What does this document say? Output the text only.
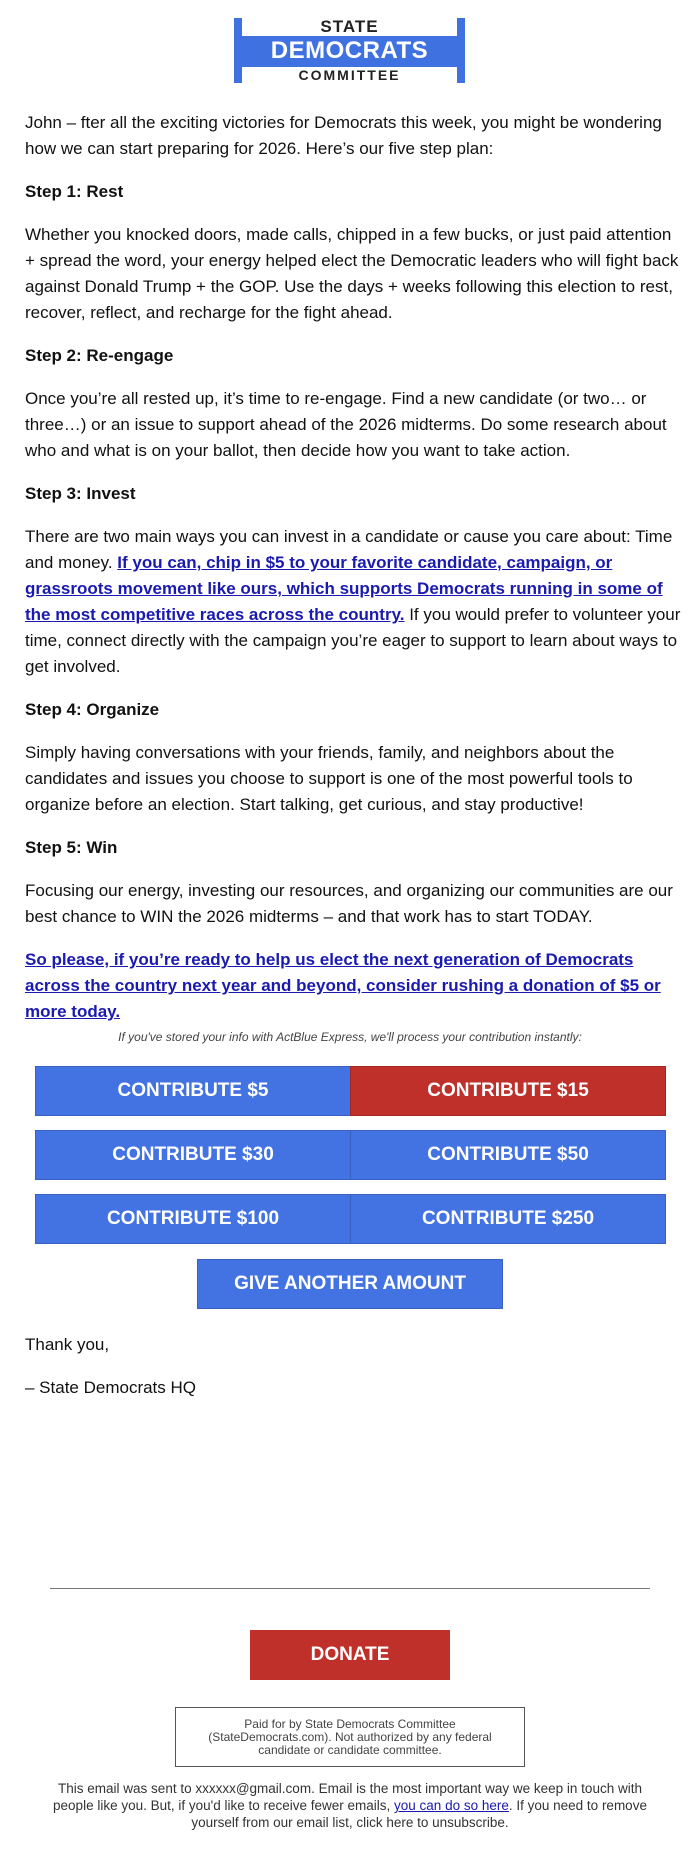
STATE
DEMOCRATS
COMMITTEE

John – fter all the exciting victories for Democrats this week, you might be wondering how we can start preparing for 2026. Here’s our five step plan:

Step 1: Rest

Whether you knocked doors, made calls, chipped in a few bucks, or just paid attention + spread the word, your energy helped elect the Democratic leaders who will fight back against Donald Trump + the GOP. Use the days + weeks following this election to rest, recover, reflect, and recharge for the fight ahead.

Step 2: Re-engage

Once you’re all rested up, it’s time to re-engage. Find a new candidate (or two… or three…) or an issue to support ahead of the 2026 midterms. Do some research about who and what is on your ballot, then decide how you want to take action.

Step 3: Invest

There are two main ways you can invest in a candidate or cause you care about: Time and money. If you can, chip in $5 to your favorite candidate, campaign, or grassroots movement like ours, which supports Democrats running in some of the most competitive races across the country. If you would prefer to volunteer your time, connect directly with the campaign you’re eager to support to learn about ways to get involved.

Step 4: Organize

Simply having conversations with your friends, family, and neighbors about the candidates and issues you choose to support is one of the most powerful tools to organize before an election. Start talking, get curious, and stay productive!

Step 5: Win

Focusing our energy, investing our resources, and organizing our communities are our best chance to WIN the 2026 midterms – and that work has to start TODAY.

So please, if you’re ready to help us elect the next generation of Democrats across the country next year and beyond, consider rushing a donation of $5 or more today.

If you've stored your info with ActBlue Express, we'll process your contribution instantly:
CONTRIBUTE $5	CONTRIBUTE $15
CONTRIBUTE $30	CONTRIBUTE $50
CONTRIBUTE $100	CONTRIBUTE $250
GIVE ANOTHER AMOUNT
Thank you,
– State Democrats HQ
DONATE
Paid for by State Democrats Committee (StateDemocrats.com). Not authorized by any federal candidate or candidate committee.
This email was sent to xxxxxx@gmail.com. Email is the most important way we keep in touch with people like you. But, if you'd like to receive fewer emails, you can do so here. If you need to remove yourself from our email list, click here to unsubscribe.
